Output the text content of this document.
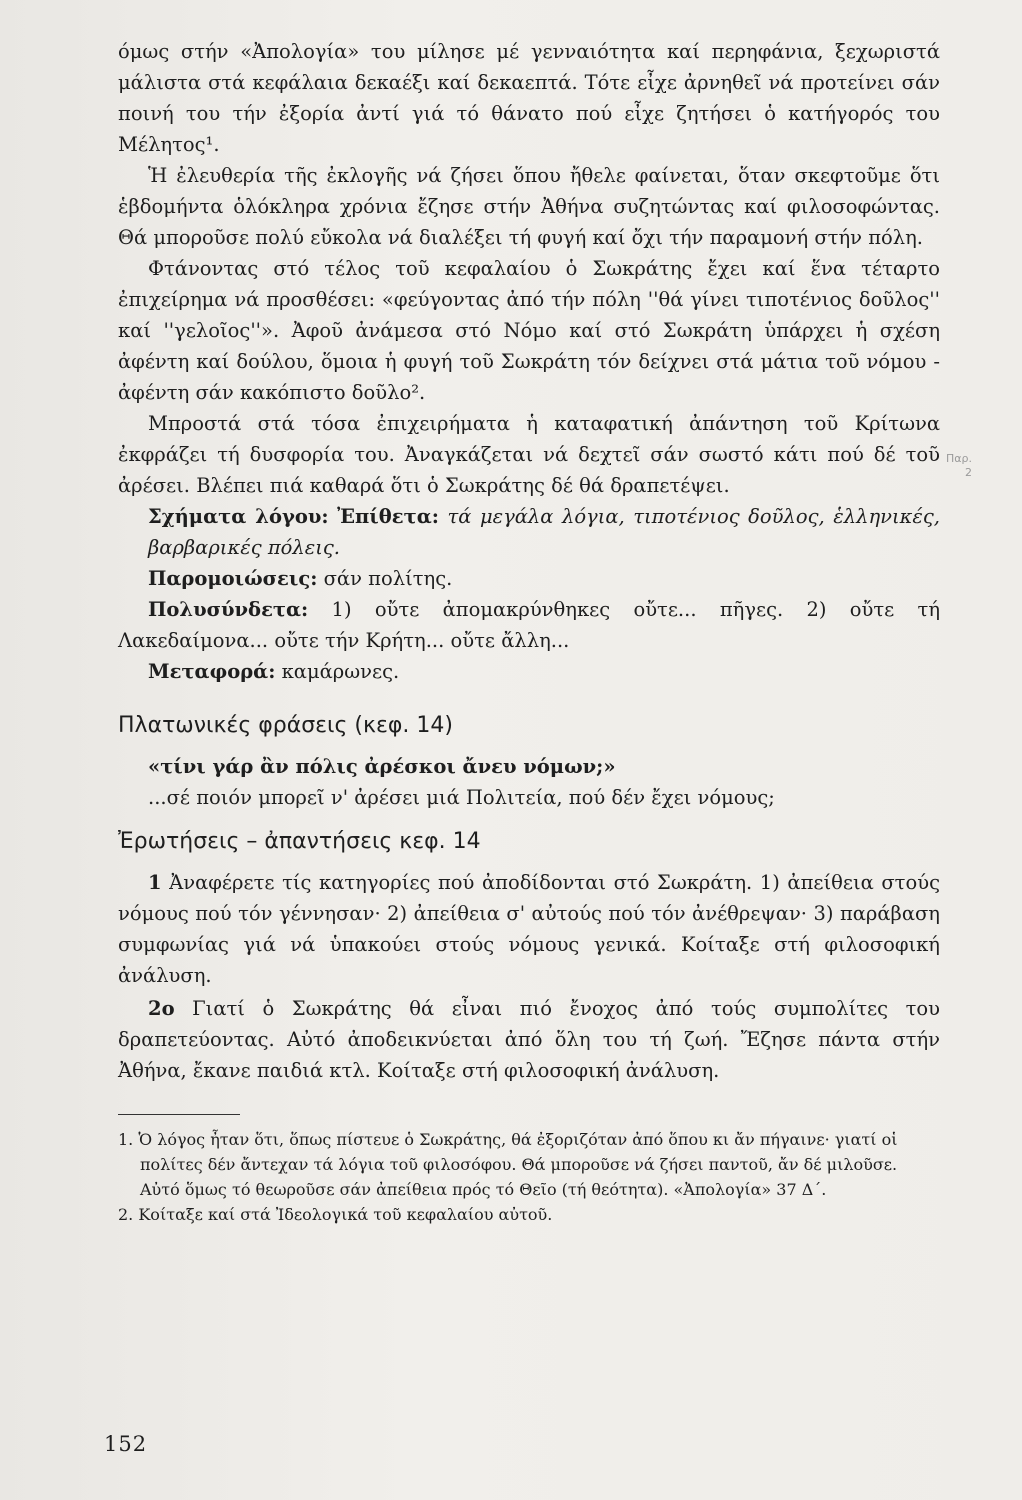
όμως στήν «Ἀπολογία» του μίλησε μέ γενναιότητα καί περηφάνια, ξεχωριστά μάλιστα στά κεφάλαια δεκαέξι καί δεκαεπτά. Τότε εἶχε ἀρνηθεῖ νά προτείνει σάν ποινή του τήν ἐξορία ἀντί γιά τό θάνατο πού εἶχε ζητήσει ὁ κατήγορός του Μέλητος¹.

Ἡ ἐλευθερία τῆς ἐκλογῆς νά ζήσει ὅπου ἤθελε φαίνεται, ὅταν σκεφτοῦμε ὅτι ἑβδομήντα ὁλόκληρα χρόνια ἔζησε στήν Ἀθήνα συζητώντας καί φιλοσοφώντας. Θά μποροῦσε πολύ εὔκολα νά διαλέξει τή φυγή καί ὄχι τήν παραμονή στήν πόλη.

Φτάνοντας στό τέλος τοῦ κεφαλαίου ὁ Σωκράτης ἔχει καί ἕνα τέταρτο ἐπιχείρημα νά προσθέσει: «φεύγοντας ἀπό τήν πόλη ''θά γίνει τιποτένιος δοῦλος'' καί ''γελοῖος''». Ἀφοῦ ἀνάμεσα στό Νόμο καί στό Σωκράτη ὑπάρχει ἡ σχέση ἀφέντη καί δούλου, ὅμοια ἡ φυγή τοῦ Σωκράτη τόν δείχνει στά μάτια τοῦ νόμου - ἀφέντη σάν κακόπιστο δοῦλο².

Μπροστά στά τόσα ἐπιχειρήματα ἡ καταφατική ἀπάντηση τοῦ Κρίτωνα ἐκφράζει τή δυσφορία του. Ἀναγκάζεται νά δεχτεῖ σάν σωστό κάτι πού δέ τοῦ ἀρέσει. Βλέπει πιά καθαρά ὅτι ὁ Σωκράτης δέ θά δραπετέψει.

Σχήματα λόγου: Ἐπίθετα: τά μεγάλα λόγια, τιποτένιος δοῦλος, ἑλληνικές, βαρβαρικές πόλεις.

Παρομοιώσεις: σάν πολίτης.

Πολυσύνδετα: 1) οὔτε ἀπομακρύνθηκες οὔτε... πῆγες. 2) οὔτε τή Λακεδαίμονα... οὔτε τήν Κρήτη... οὔτε ἄλλη...

Μεταφορά: καμάρωνες.

Πλατωνικές φράσεις (κεφ. 14)

«τίνι γάρ ἂν πόλις ἀρέσκοι ἄνευ νόμων;»

...σέ ποιόν μπορεῖ ν' ἀρέσει μιά Πολιτεία, πού δέν ἔχει νόμους;

Ἐρωτήσεις – ἀπαντήσεις κεφ. 14

1 Ἀναφέρετε τίς κατηγορίες πού ἀποδίδονται στό Σωκράτη. 1) ἀπείθεια στούς νόμους πού τόν γέννησαν· 2) ἀπείθεια σ' αὐτούς πού τόν ἀνέθρεψαν· 3) παράβαση συμφωνίας γιά νά ὑπακούει στούς νόμους γενικά. Κοίταξε στή φιλοσοφική ἀνάλυση.

2ο Γιατί ὁ Σωκράτης θά εἶναι πιό ἔνοχος ἀπό τούς συμπολίτες του δραπετεύοντας. Αὐτό ἀποδεικνύεται ἀπό ὅλη του τή ζωή. Ἔζησε πάντα στήν Ἀθήνα, ἔκανε παιδιά κτλ. Κοίταξε στή φιλοσοφική ἀνάλυση.

1. Ὁ λόγος ἦταν ὅτι, ὅπως πίστευε ὁ Σωκράτης, θά ἐξοριζόταν ἀπό ὅπου κι ἄν πήγαινε· γιατί οἱ πολίτες δέν ἄντεχαν τά λόγια τοῦ φιλοσόφου. Θά μποροῦσε νά ζήσει παντοῦ, ἄν δέ μιλοῦσε. Αὐτό ὅμως τό θεωροῦσε σάν ἀπείθεια πρός τό Θεῖο (τή θεότητα). «Ἀπολογία» 37 Δ΄.

2. Κοίταξε καί στά Ἰδεολογικά τοῦ κεφαλαίου αὐτοῦ.

Παρ.
2
152
